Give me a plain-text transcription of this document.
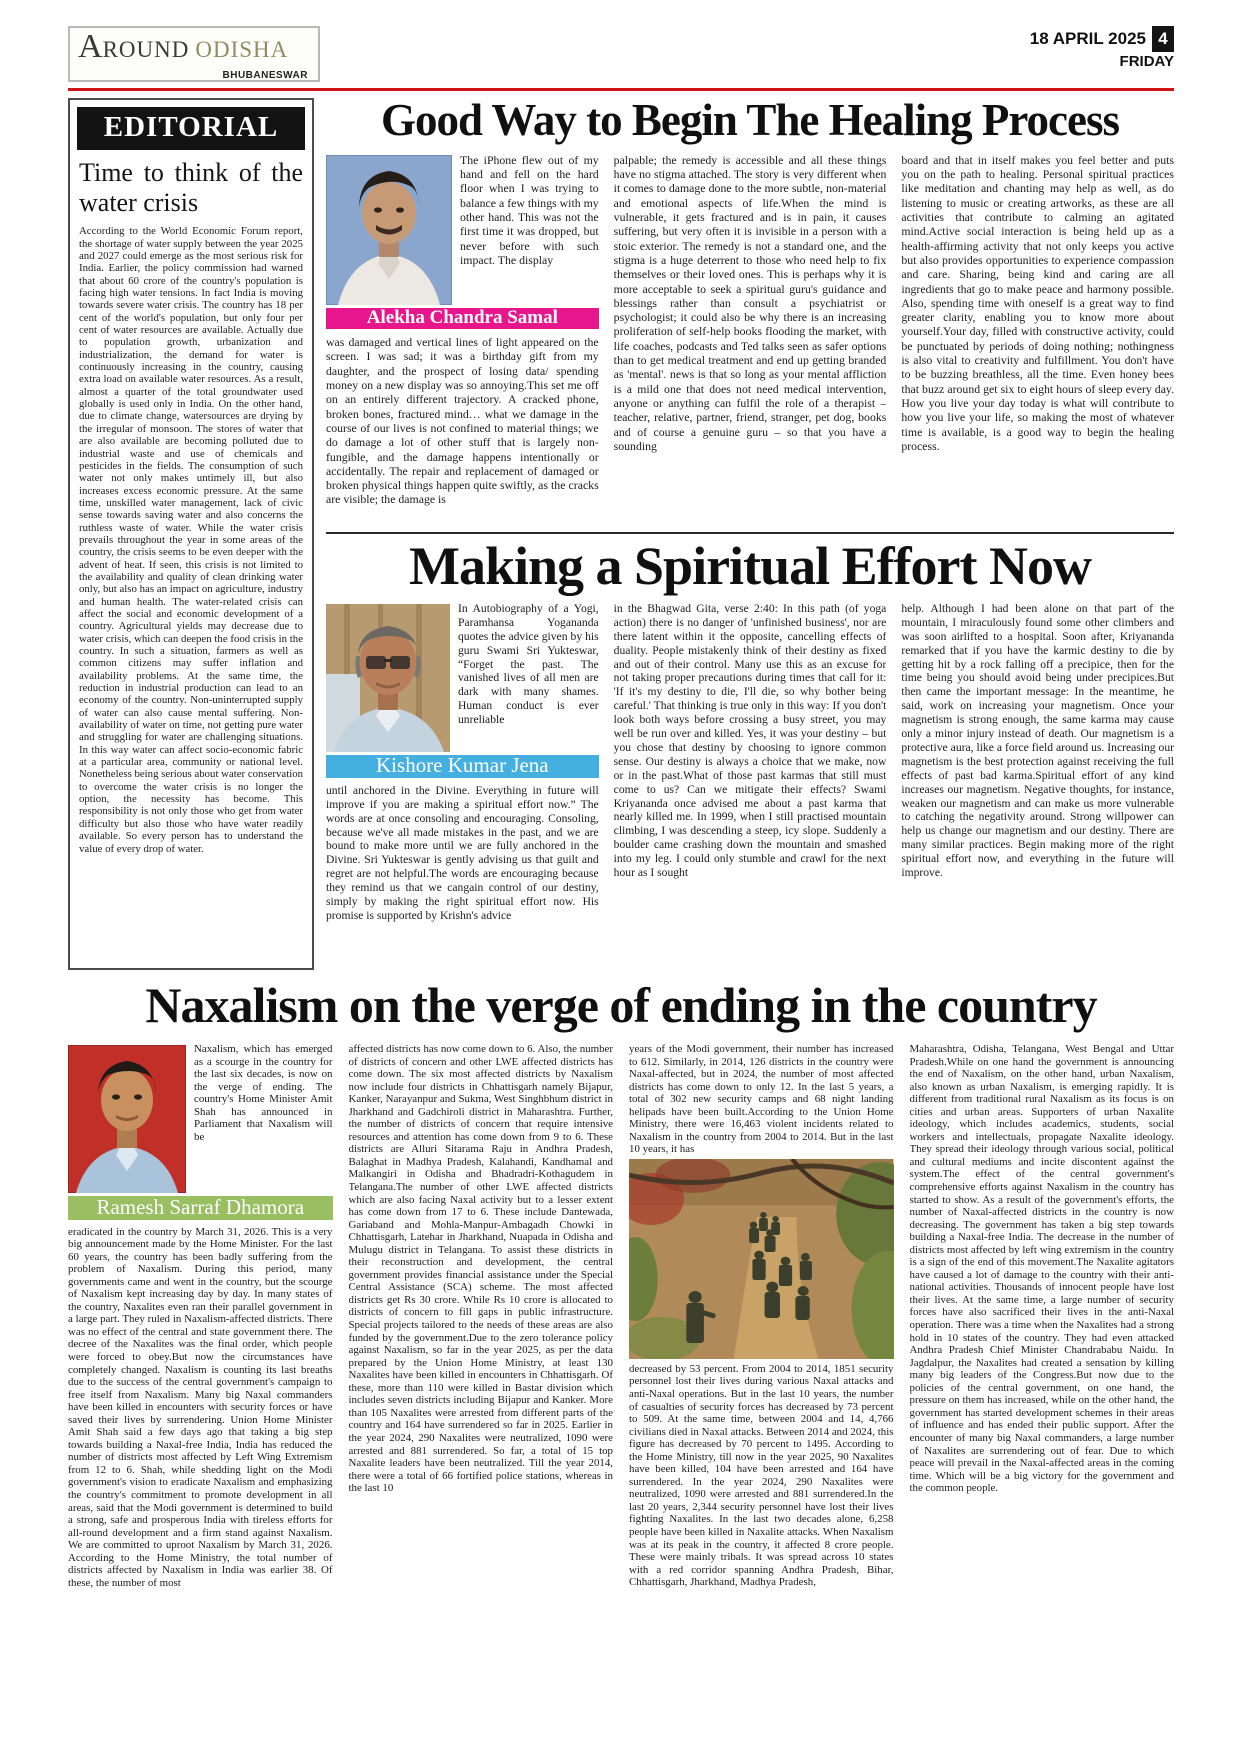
AROUND ODISHA
BHUBANESWAR
18 APRIL 2025 4
FRIDAY
EDITORIAL
Time to think of the water crisis

According to the World Economic Forum report, the shortage of water supply between the year 2025 and 2027 could emerge as the most serious risk for India. Earlier, the policy commission had warned that about 60 crore of the country's population is facing high water tensions. In fact India is moving towards severe water crisis. The country has 18 per cent of the world's population, but only four per cent of water resources are available. Actually due to population growth, urbanization and industrialization, the demand for water is continuously increasing in the country, causing extra load on available water resources. As a result, almost a quarter of the total groundwater used globally is used only in India. On the other hand, due to climate change, watersources are drying by the irregular of monsoon. The stores of water that are also available are becoming polluted due to industrial waste and use of chemicals and pesticides in the fields. The consumption of such water not only makes untimely ill, but also increases excess economic pressure. At the same time, unskilled water management, lack of civic sense towards saving water and also concerns the ruthless waste of water. While the water crisis prevails throughout the year in some areas of the country, the crisis seems to be even deeper with the advent of heat. If seen, this crisis is not limited to the availability and quality of clean drinking water only, but also has an impact on agriculture, industry and human health. The water-related crisis can affect the social and economic development of a country. Agricultural yields may decrease due to water crisis, which can deepen the food crisis in the country. In such a situation, farmers as well as common citizens may suffer inflation and availability problems. At the same time, the reduction in industrial production can lead to an economy of the country. Non-uninterrupted supply of water can also cause mental suffering. Non-availability of water on time, not getting pure water and struggling for water are challenging situations. In this way water can affect socio-economic fabric at a particular area, community or national level. Nonetheless being serious about water conservation to overcome the water crisis is no longer the option, the necessity has become. This responsibility is not only those who get from water difficulty but also those who have water readily available. So every person has to understand the value of every drop of water.

Good Way to Begin The Healing Process
The iPhone flew out of my hand and fell on the hard floor when I was trying to balance a few things with my other hand. This was not the first time it was dropped, but never before with such impact. The display
Alekha Chandra Samal
was damaged and vertical lines of light appeared on the screen. I was sad; it was a birthday gift from my daughter, and the prospect of losing data/ spending money on a new display was so annoying.This set me off on an entirely different trajectory. A cracked phone, broken bones, fractured mind… what we damage in the course of our lives is not confined to material things; we do damage a lot of other stuff that is largely non-fungible, and the damage happens intentionally or accidentally. The repair and replacement of damaged or broken physical things happen quite swiftly, as the cracks are visible; the damage is
palpable; the remedy is accessible and all these things have no stigma attached. The story is very different when it comes to damage done to the more subtle, non-material and emotional aspects of life.When the mind is vulnerable, it gets fractured and is in pain, it causes suffering, but very often it is invisible in a person with a stoic exterior. The remedy is not a standard one, and the stigma is a huge deterrent to those who need help to fix themselves or their loved ones. This is perhaps why it is more acceptable to seek a spiritual guru's guidance and blessings rather than consult a psychiatrist or psychologist; it could also be why there is an increasing proliferation of self-help books flooding the market, with life coaches, podcasts and Ted talks seen as safer options than to get medical treatment and end up getting branded as 'mental'. news is that so long as your mental affliction is a mild one that does not need medical intervention, anyone or anything can fulfil the role of a therapist – teacher, relative, partner, friend, stranger, pet dog, books and of course a genuine guru – so that you have a sounding
board and that in itself makes you feel better and puts you on the path to healing. Personal spiritual practices like meditation and chanting may help as well, as do listening to music or creating artworks, as these are all activities that contribute to calming an agitated mind.Active social interaction is being held up as a health-affirming activity that not only keeps you active but also provides opportunities to experience compassion and care. Sharing, being kind and caring are all ingredients that go to make peace and harmony possible. Also, spending time with oneself is a great way to find greater clarity, enabling you to know more about yourself.Your day, filled with constructive activity, could be punctuated by periods of doing nothing; nothingness is also vital to creativity and fulfillment. You don't have to be buzzing breathless, all the time. Even honey bees that buzz around get six to eight hours of sleep every day. How you live your day today is what will contribute to how you live your life, so making the most of whatever time is available, is a good way to begin the healing process.
Making a Spiritual Effort Now
In Autobiography of a Yogi, Paramhansa Yogananda quotes the advice given by his guru Swami Sri Yukteswar, “Forget the past. The vanished lives of all men are dark with many shames. Human conduct is ever unreliable
Kishore Kumar Jena
until anchored in the Divine. Everything in future will improve if you are making a spiritual effort now.” The words are at once consoling and encouraging. Consoling, because we've all made mistakes in the past, and we are bound to make more until we are fully anchored in the Divine. Sri Yukteswar is gently advising us that guilt and regret are not helpful.The words are encouraging because they remind us that we cangain control of our destiny, simply by making the right spiritual effort now. His promise is supported by Krishn's advice
in the Bhagwad Gita, verse 2:40: In this path (of yoga action) there is no danger of 'unfinished business', nor are there latent within it the opposite, cancelling effects of duality. People mistakenly think of their destiny as fixed and out of their control. Many use this as an excuse for not taking proper precautions during times that call for it: 'If it's my destiny to die, I'll die, so why bother being careful.' That thinking is true only in this way: If you don't look both ways before crossing a busy street, you may well be run over and killed. Yes, it was your destiny – but you chose that destiny by choosing to ignore common sense. Our destiny is always a choice that we make, now or in the past.What of those past karmas that still must come to us? Can we mitigate their effects? Swami Kriyananda once advised me about a past karma that nearly killed me. In 1999, when I still practised mountain climbing, I was descending a steep, icy slope. Suddenly a boulder came crashing down the mountain and smashed into my leg. I could only stumble and crawl for the next hour as I sought
help. Although I had been alone on that part of the mountain, I miraculously found some other climbers and was soon airlifted to a hospital. Soon after, Kriyananda remarked that if you have the karmic destiny to die by getting hit by a rock falling off a precipice, then for the time being you should avoid being under precipices.But then came the important message: In the meantime, he said, work on increasing your magnetism. Once your magnetism is strong enough, the same karma may cause only a minor injury instead of death. Our magnetism is a protective aura, like a force field around us. Increasing our magnetism is the best protection against receiving the full effects of past bad karma.Spiritual effort of any kind increases our magnetism. Negative thoughts, for instance, weaken our magnetism and can make us more vulnerable to catching the negativity around. Strong willpower can help us change our magnetism and our destiny. There are many similar practices. Begin making more of the right spiritual effort now, and everything in the future will improve.
Naxalism on the verge of ending in the country
Naxalism, which has emerged as a scourge in the country for the last six decades, is now on the verge of ending. The country's Home Minister Amit Shah has announced in Parliament that Naxalism will be
Ramesh Sarraf Dhamora
eradicated in the country by March 31, 2026. This is a very big announcement made by the Home Minister. For the last 60 years, the country has been badly suffering from the problem of Naxalism. During this period, many governments came and went in the country, but the scourge of Naxalism kept increasing day by day. In many states of the country, Naxalites even ran their parallel government in a large part. They ruled in Naxalism-affected districts. There was no effect of the central and state government there. The decree of the Naxalites was the final order, which people were forced to obey.But now the circumstances have completely changed. Naxalism is counting its last breaths due to the success of the central government's campaign to free itself from Naxalism. Many big Naxal commanders have been killed in encounters with security forces or have saved their lives by surrendering. Union Home Minister Amit Shah said a few days ago that taking a big step towards building a Naxal-free India, India has reduced the number of districts most affected by Left Wing Extremism from 12 to 6. Shah, while shedding light on the Modi government's vision to eradicate Naxalism and emphasizing the country's commitment to promote development in all areas, said that the Modi government is determined to build a strong, safe and prosperous India with tireless efforts for all-round development and a firm stand against Naxalism. We are committed to uproot Naxalism by March 31, 2026. According to the Home Ministry, the total number of districts affected by Naxalism in India was earlier 38. Of these, the number of most
affected districts has now come down to 6. Also, the number of districts of concern and other LWE affected districts has come down. The six most affected districts by Naxalism now include four districts in Chhattisgarh namely Bijapur, Kanker, Narayanpur and Sukma, West Singhbhum district in Jharkhand and Gadchiroli district in Maharashtra. Further, the number of districts of concern that require intensive resources and attention has come down from 9 to 6. These districts are Alluri Sitarama Raju in Andhra Pradesh, Balaghat in Madhya Pradesh, Kalahandi, Kandhamal and Malkangiri in Odisha and Bhadradri-Kothagudem in Telangana.The number of other LWE affected districts which are also facing Naxal activity but to a lesser extent has come down from 17 to 6. These include Dantewada, Gariaband and Mohla-Manpur-Ambagadh Chowki in Chhattisgarh, Latehar in Jharkhand, Nuapada in Odisha and Mulugu district in Telangana. To assist these districts in their reconstruction and development, the central government provides financial assistance under the Special Central Assistance (SCA) scheme. The most affected districts get Rs 30 crore. While Rs 10 crore is allocated to districts of concern to fill gaps in public infrastructure. Special projects tailored to the needs of these areas are also funded by the government.Due to the zero tolerance policy against Naxalism, so far in the year 2025, as per the data prepared by the Union Home Ministry, at least 130 Naxalites have been killed in encounters in Chhattisgarh. Of these, more than 110 were killed in Bastar division which includes seven districts including Bijapur and Kanker. More than 105 Naxalites were arrested from different parts of the country and 164 have surrendered so far in 2025. Earlier in the year 2024, 290 Naxalites were neutralized, 1090 were arrested and 881 surrendered. So far, a total of 15 top Naxalite leaders have been neutralized. Till the year 2014, there were a total of 66 fortified police stations, whereas in the last 10
years of the Modi government, their number has increased to 612. Similarly, in 2014, 126 districts in the country were Naxal-affected, but in 2024, the number of most affected districts has come down to only 12. In the last 5 years, a total of 302 new security camps and 68 night landing helipads have been built.According to the Union Home Ministry, there were 16,463 violent incidents related to Naxalism in the country from 2004 to 2014. But in the last 10 years, it has
decreased by 53 percent. From 2004 to 2014, 1851 security personnel lost their lives during various Naxal attacks and anti-Naxal operations. But in the last 10 years, the number of casualties of security forces has decreased by 73 percent to 509. At the same time, between 2004 and 14, 4,766 civilians died in Naxal attacks. Between 2014 and 2024, this figure has decreased by 70 percent to 1495. According to the Home Ministry, till now in the year 2025, 90 Naxalites have been killed, 104 have been arrested and 164 have surrendered. In the year 2024, 290 Naxalites were neutralized, 1090 were arrested and 881 surrendered.In the last 20 years, 2,344 security personnel have lost their lives fighting Naxalites. In the last two decades alone, 6,258 people have been killed in Naxalite attacks. When Naxalism was at its peak in the country, it affected 8 crore people. These were mainly tribals. It was spread across 10 states with a red corridor spanning Andhra Pradesh, Bihar, Chhattisgarh, Jharkhand, Madhya Pradesh,
Maharashtra, Odisha, Telangana, West Bengal and Uttar Pradesh.While on one hand the government is announcing the end of Naxalism, on the other hand, urban Naxalism, also known as urban Naxalism, is emerging rapidly. It is different from traditional rural Naxalism as its focus is on cities and urban areas. Supporters of urban Naxalite ideology, which includes academics, students, social workers and intellectuals, propagate Naxalite ideology. They spread their ideology through various social, political and cultural mediums and incite discontent against the system.The effect of the central government's comprehensive efforts against Naxalism in the country has started to show. As a result of the government's efforts, the number of Naxal-affected districts in the country is now decreasing. The government has taken a big step towards building a Naxal-free India. The decrease in the number of districts most affected by left wing extremism in the country is a sign of the end of this movement.The Naxalite agitators have caused a lot of damage to the country with their anti-national activities. Thousands of innocent people have lost their lives. At the same time, a large number of security forces have also sacrificed their lives in the anti-Naxal operation. There was a time when the Naxalites had a strong hold in 10 states of the country. They had even attacked Andhra Pradesh Chief Minister Chandrababu Naidu. In Jagdalpur, the Naxalites had created a sensation by killing many big leaders of the Congress.But now due to the policies of the central government, on one hand, the pressure on them has increased, while on the other hand, the government has started development schemes in their areas of influence and has ended their public support. After the encounter of many big Naxal commanders, a large number of Naxalites are surrendering out of fear. Due to which peace will prevail in the Naxal-affected areas in the coming time. Which will be a big victory for the government and the common people.
